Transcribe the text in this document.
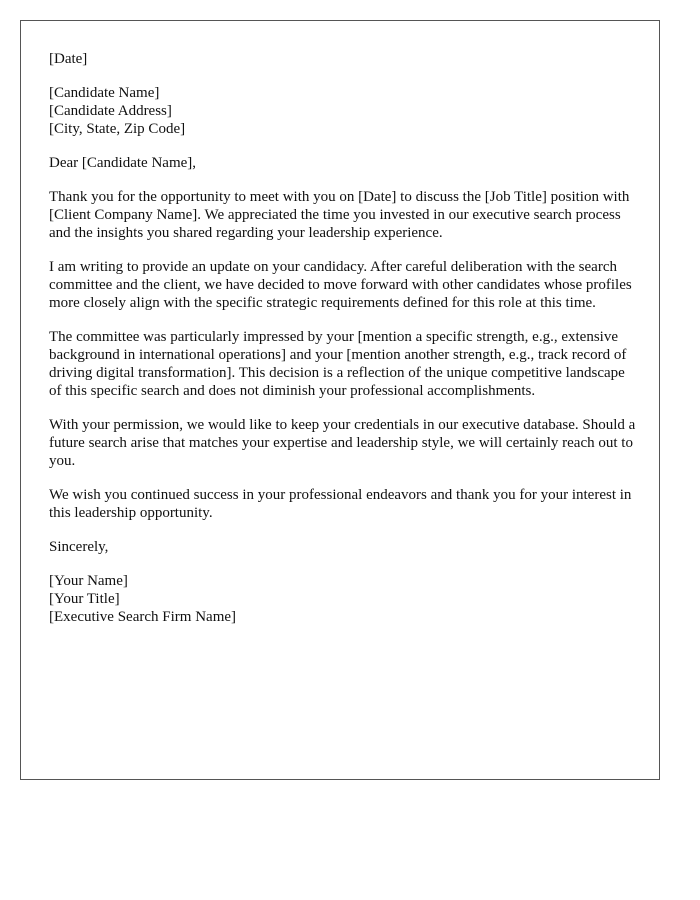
[Date]
[Candidate Name]
[Candidate Address]
[City, State, Zip Code]
Dear [Candidate Name],

Thank you for the opportunity to meet with you on [Date] to discuss the [Job Title] position with [Client Company Name]. We appreciated the time you invested in our executive search process and the insights you shared regarding your leadership experience.

I am writing to provide an update on your candidacy. After careful deliberation with the search committee and the client, we have decided to move forward with other candidates whose profiles more closely align with the specific strategic requirements defined for this role at this time.

The committee was particularly impressed by your [mention a specific strength, e.g., extensive background in international operations] and your [mention another strength, e.g., track record of driving digital transformation]. This decision is a reflection of the unique competitive landscape of this specific search and does not diminish your professional accomplishments.

With your permission, we would like to keep your credentials in our executive database. Should a future search arise that matches your expertise and leadership style, we will certainly reach out to you.

We wish you continued success in your professional endeavors and thank you for your interest in this leadership opportunity.

Sincerely,
[Your Name]
[Your Title]
[Executive Search Firm Name]
